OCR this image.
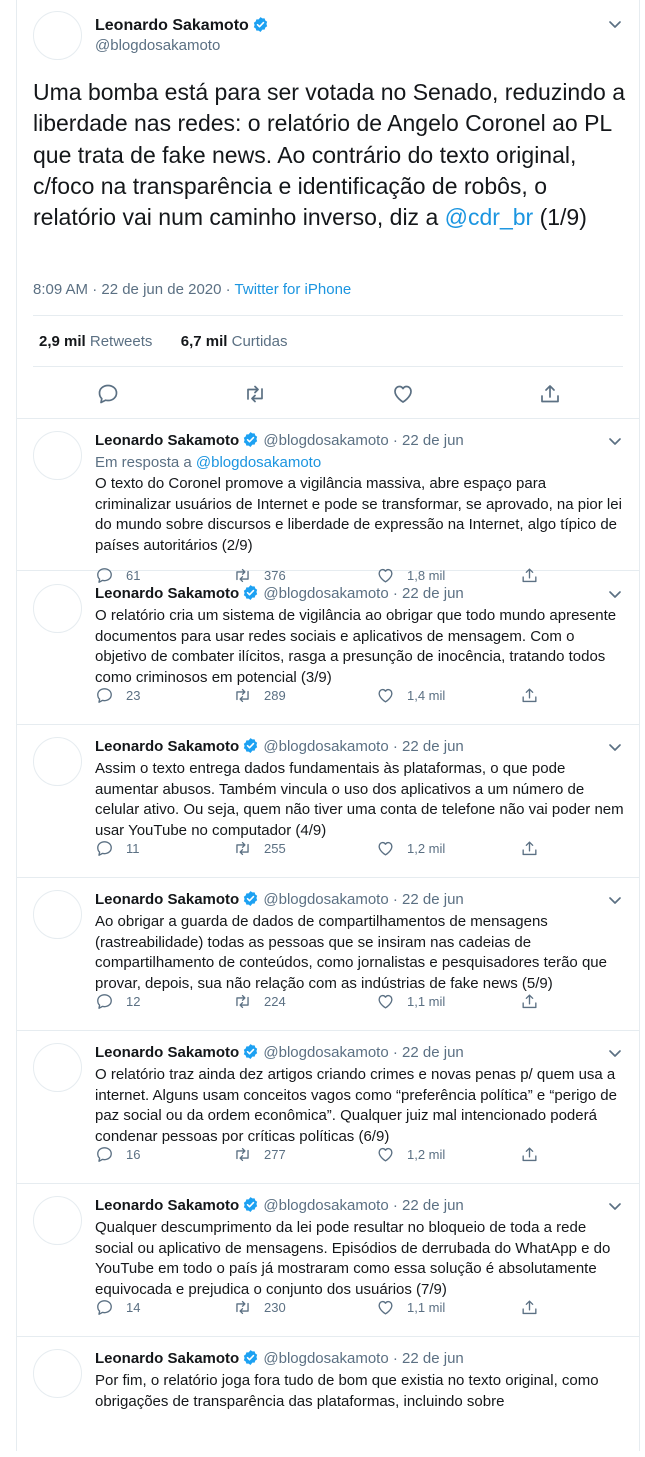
Leonardo Sakamoto
@blogdosakamoto
Uma bomba está para ser votada no Senado, reduzindo a liberdade nas redes: o relatório de Angelo Coronel ao PL que trata de fake news. Ao contrário do texto original, c/foco na transparência e identificação de robôs, o relatório vai num caminho inverso, diz a @cdr_br (1/9)
8:09 AM · 22 de jun de 2020 · Twitter for iPhone
2,9 mil Retweets 6,7 mil Curtidas
Leonardo Sakamoto @blogdosakamoto · 22 de jun
Em resposta a @blogdosakamoto
O texto do Coronel promove a vigilância massiva, abre espaço para criminalizar usuários de Internet e pode se transformar, se aprovado, na pior lei do mundo sobre discursos e liberdade de expressão na Internet, algo típico de países autoritários (2/9)
61	376	1,8 mil
Leonardo Sakamoto @blogdosakamoto · 22 de jun
O relatório cria um sistema de vigilância ao obrigar que todo mundo apresente documentos para usar redes sociais e aplicativos de mensagem. Com o objetivo de combater ilícitos, rasga a presunção de inocência, tratando todos como criminosos em potencial (3/9)
23	289	1,4 mil
Leonardo Sakamoto @blogdosakamoto · 22 de jun
Assim o texto entrega dados fundamentais às plataformas, o que pode aumentar abusos. Também vincula o uso dos aplicativos a um número de celular ativo. Ou seja, quem não tiver uma conta de telefone não vai poder nem usar YouTube no computador (4/9)
11	255	1,2 mil
Leonardo Sakamoto @blogdosakamoto · 22 de jun
Ao obrigar a guarda de dados de compartilhamentos de mensagens (rastreabilidade) todas as pessoas que se insiram nas cadeias de compartilhamento de conteúdos, como jornalistas e pesquisadores terão que provar, depois, sua não relação com as indústrias de fake news (5/9)
12	224	1,1 mil
Leonardo Sakamoto @blogdosakamoto · 22 de jun
O relatório traz ainda dez artigos criando crimes e novas penas p/ quem usa a internet. Alguns usam conceitos vagos como “preferência política” e “perigo de paz social ou da ordem econômica”. Qualquer juiz mal intencionado poderá condenar pessoas por críticas políticas (6/9)
16	277	1,2 mil
Leonardo Sakamoto @blogdosakamoto · 22 de jun
Qualquer descumprimento da lei pode resultar no bloqueio de toda a rede social ou aplicativo de mensagens. Episódios de derrubada do WhatApp e do YouTube em todo o país já mostraram como essa solução é absolutamente equivocada e prejudica o conjunto dos usuários (7/9)
14	230	1,1 mil
Leonardo Sakamoto @blogdosakamoto · 22 de jun
Por fim, o relatório joga fora tudo de bom que existia no texto original, como obrigações de transparência das plataformas, incluindo sobre
